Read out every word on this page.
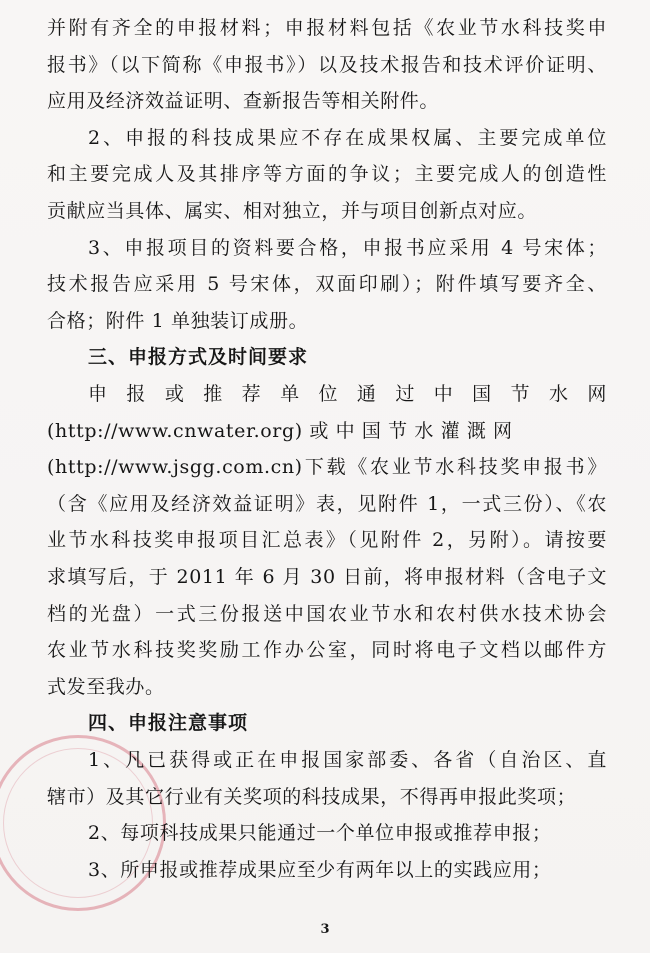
并附有齐全的申报材料；申报材料包括《农业节水科技奖申
报书》（以下简称《申报书》）以及技术报告和技术评价证明、
应用及经济效益证明、查新报告等相关附件。
2、申报的科技成果应不存在成果权属、主要完成单位
和主要完成人及其排序等方面的争议；主要完成人的创造性
贡献应当具体、属实、相对独立，并与项目创新点对应。
3、申报项目的资料要合格，申报书应采用 4 号宋体；
技术报告应采用 5 号宋体，双面印刷）；附件填写要齐全、
合格；附件 1 单独装订成册。
三、申报方式及时间要求
申 报 或 推 荐 单 位 通 过 中 国 节 水 网
(http://www.cnwater.org) 或 中 国 节 水 灌 溉 网
(http://www.jsgg.com.cn)下载《农业节水科技奖申报书》
（含《应用及经济效益证明》表，见附件 1，一式三份）、《农
业节水科技奖申报项目汇总表》（见附件 2，另附）。请按要
求填写后，于 2011 年 6 月 30 日前，将申报材料（含电子文
档的光盘）一式三份报送中国农业节水和农村供水技术协会
农业节水科技奖奖励工作办公室，同时将电子文档以邮件方
式发至我办。
四、申报注意事项
3
1、凡已获得或正在申报国家部委、各省（自治区、直
辖市）及其它行业有关奖项的科技成果，不得再申报此奖项；
2、每项科技成果只能通过一个单位申报或推荐申报；
3、所申报或推荐成果应至少有两年以上的实践应用；
